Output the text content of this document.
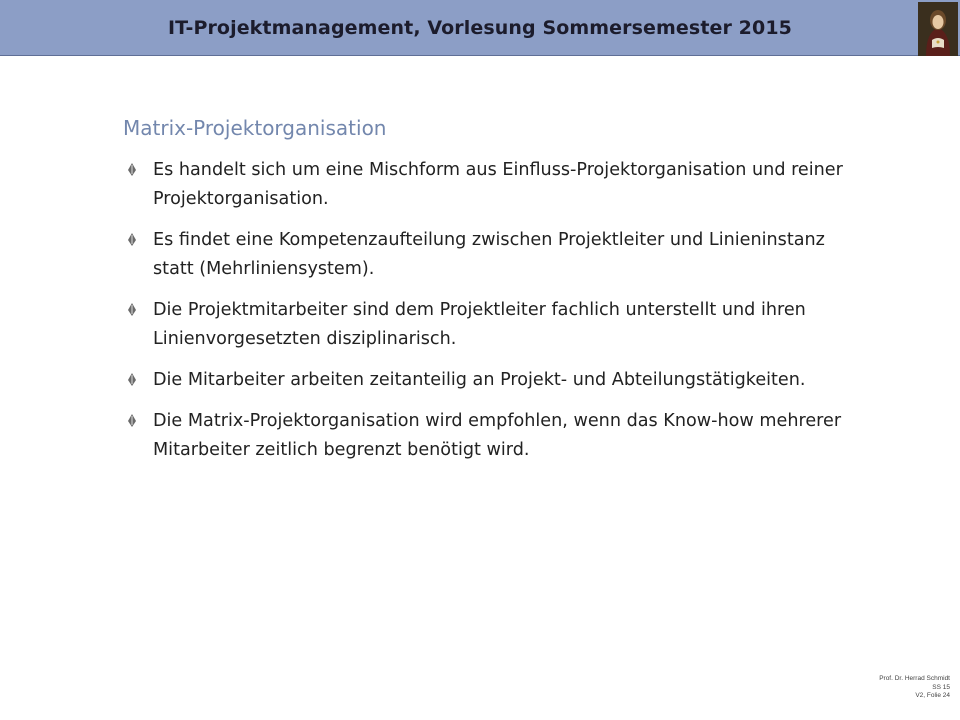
IT-Projektmanagement, Vorlesung Sommersemester 2015
Matrix-Projektorganisation
Es handelt sich um eine Mischform aus Einfluss-Projektorganisation und reiner Projektorganisation.
Es findet eine Kompetenzaufteilung zwischen Projektleiter und Linieninstanz statt (Mehrliniensystem).
Die Projektmitarbeiter sind dem Projektleiter fachlich unterstellt und ihren Linienvorgesetzten disziplinarisch.
Die Mitarbeiter arbeiten zeitanteilig an Projekt- und Abteilungstätigkeiten.
Die Matrix-Projektorganisation wird empfohlen, wenn das Know-how mehrerer Mitarbeiter zeitlich begrenzt benötigt wird.
Prof. Dr. Herrad Schmidt
SS 15
V2, Folie 24
